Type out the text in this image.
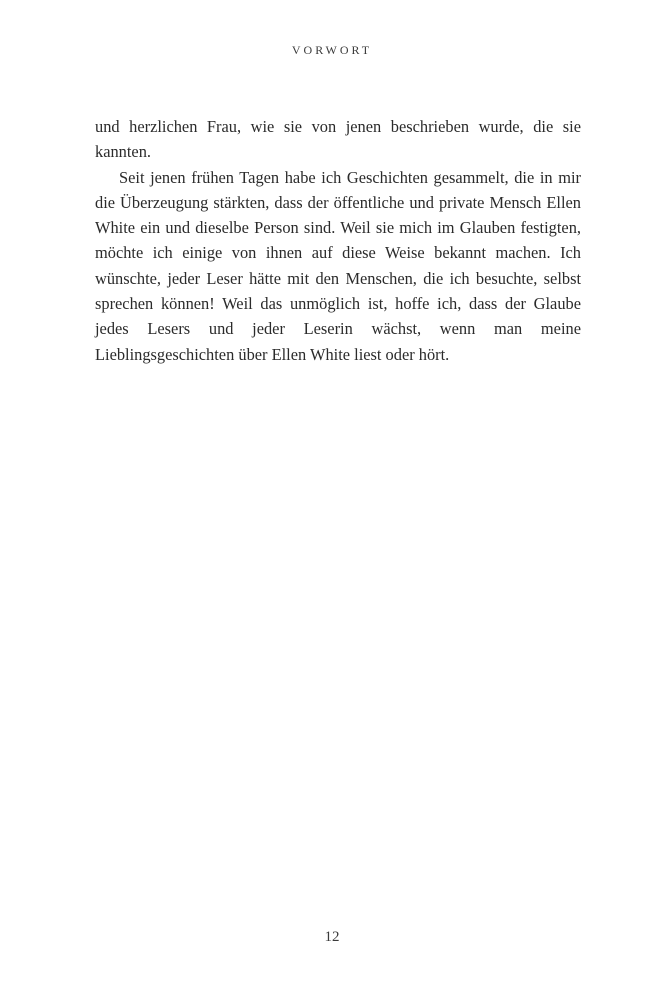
VORWORT

und herzlichen Frau, wie sie von jenen beschrieben wurde, die sie kannten.

Seit jenen frühen Tagen habe ich Geschichten gesammelt, die in mir die Überzeugung stärkten, dass der öffentliche und private Mensch Ellen White ein und dieselbe Person sind. Weil sie mich im Glauben festigten, möchte ich einige von ihnen auf diese Weise bekannt machen. Ich wünschte, jeder Leser hätte mit den Menschen, die ich besuchte, selbst sprechen können! Weil das unmöglich ist, hoffe ich, dass der Glaube jedes Lesers und jeder Leserin wächst, wenn man meine Lieblingsgeschichten über Ellen White liest oder hört.

12
